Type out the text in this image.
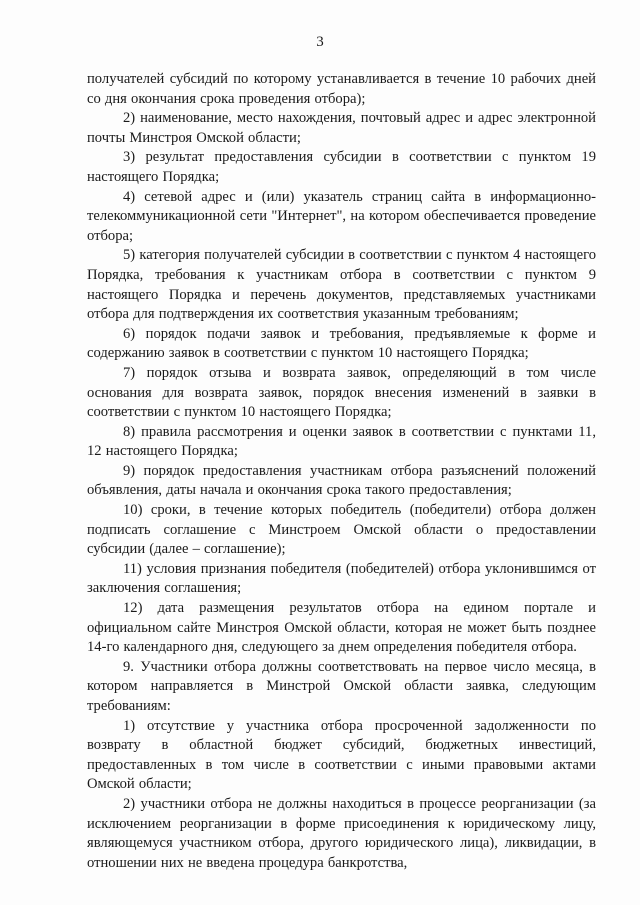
3

получателей субсидий по которому устанавливается в течение 10 рабочих дней со дня окончания срока проведения отбора);

2) наименование, место нахождения, почтовый адрес и адрес электронной почты Минстроя Омской области;

3) результат предоставления субсидии в соответствии с пунктом 19 настоящего Порядка;

4) сетевой адрес и (или) указатель страниц сайта в информационно-телекоммуникационной сети "Интернет", на котором обеспечивается проведение отбора;

5) категория получателей субсидии в соответствии с пунктом 4 настоящего Порядка, требования к участникам отбора в соответствии с пунктом 9 настоящего Порядка и перечень документов, представляемых участниками отбора для подтверждения их соответствия указанным требованиям;

6) порядок подачи заявок и требования, предъявляемые к форме и содержанию заявок в соответствии с пунктом 10 настоящего Порядка;

7) порядок отзыва и возврата заявок, определяющий в том числе основания для возврата заявок, порядок внесения изменений в заявки в соответствии с пунктом 10 настоящего Порядка;

8) правила рассмотрения и оценки заявок в соответствии с пунктами 11, 12 настоящего Порядка;

9) порядок предоставления участникам отбора разъяснений положений объявления, даты начала и окончания срока такого предоставления;

10) сроки, в течение которых победитель (победители) отбора должен подписать соглашение с Минстроем Омской области о предоставлении субсидии (далее – соглашение);

11) условия признания победителя (победителей) отбора уклонившимся от заключения соглашения;

12) дата размещения результатов отбора на едином портале и официальном сайте Минстроя Омской области, которая не может быть позднее 14-го календарного дня, следующего за днем определения победителя отбора.

9. Участники отбора должны соответствовать на первое число месяца, в котором направляется в Минстрой Омской области заявка, следующим требованиям:

1) отсутствие у участника отбора просроченной задолженности по возврату в областной бюджет субсидий, бюджетных инвестиций, предоставленных в том числе в соответствии с иными правовыми актами Омской области;

2) участники отбора не должны находиться в процессе реорганизации (за исключением реорганизации в форме присоединения к юридическому лицу, являющемуся участником отбора, другого юридического лица), ликвидации, в отношении них не введена процедура банкротства,
